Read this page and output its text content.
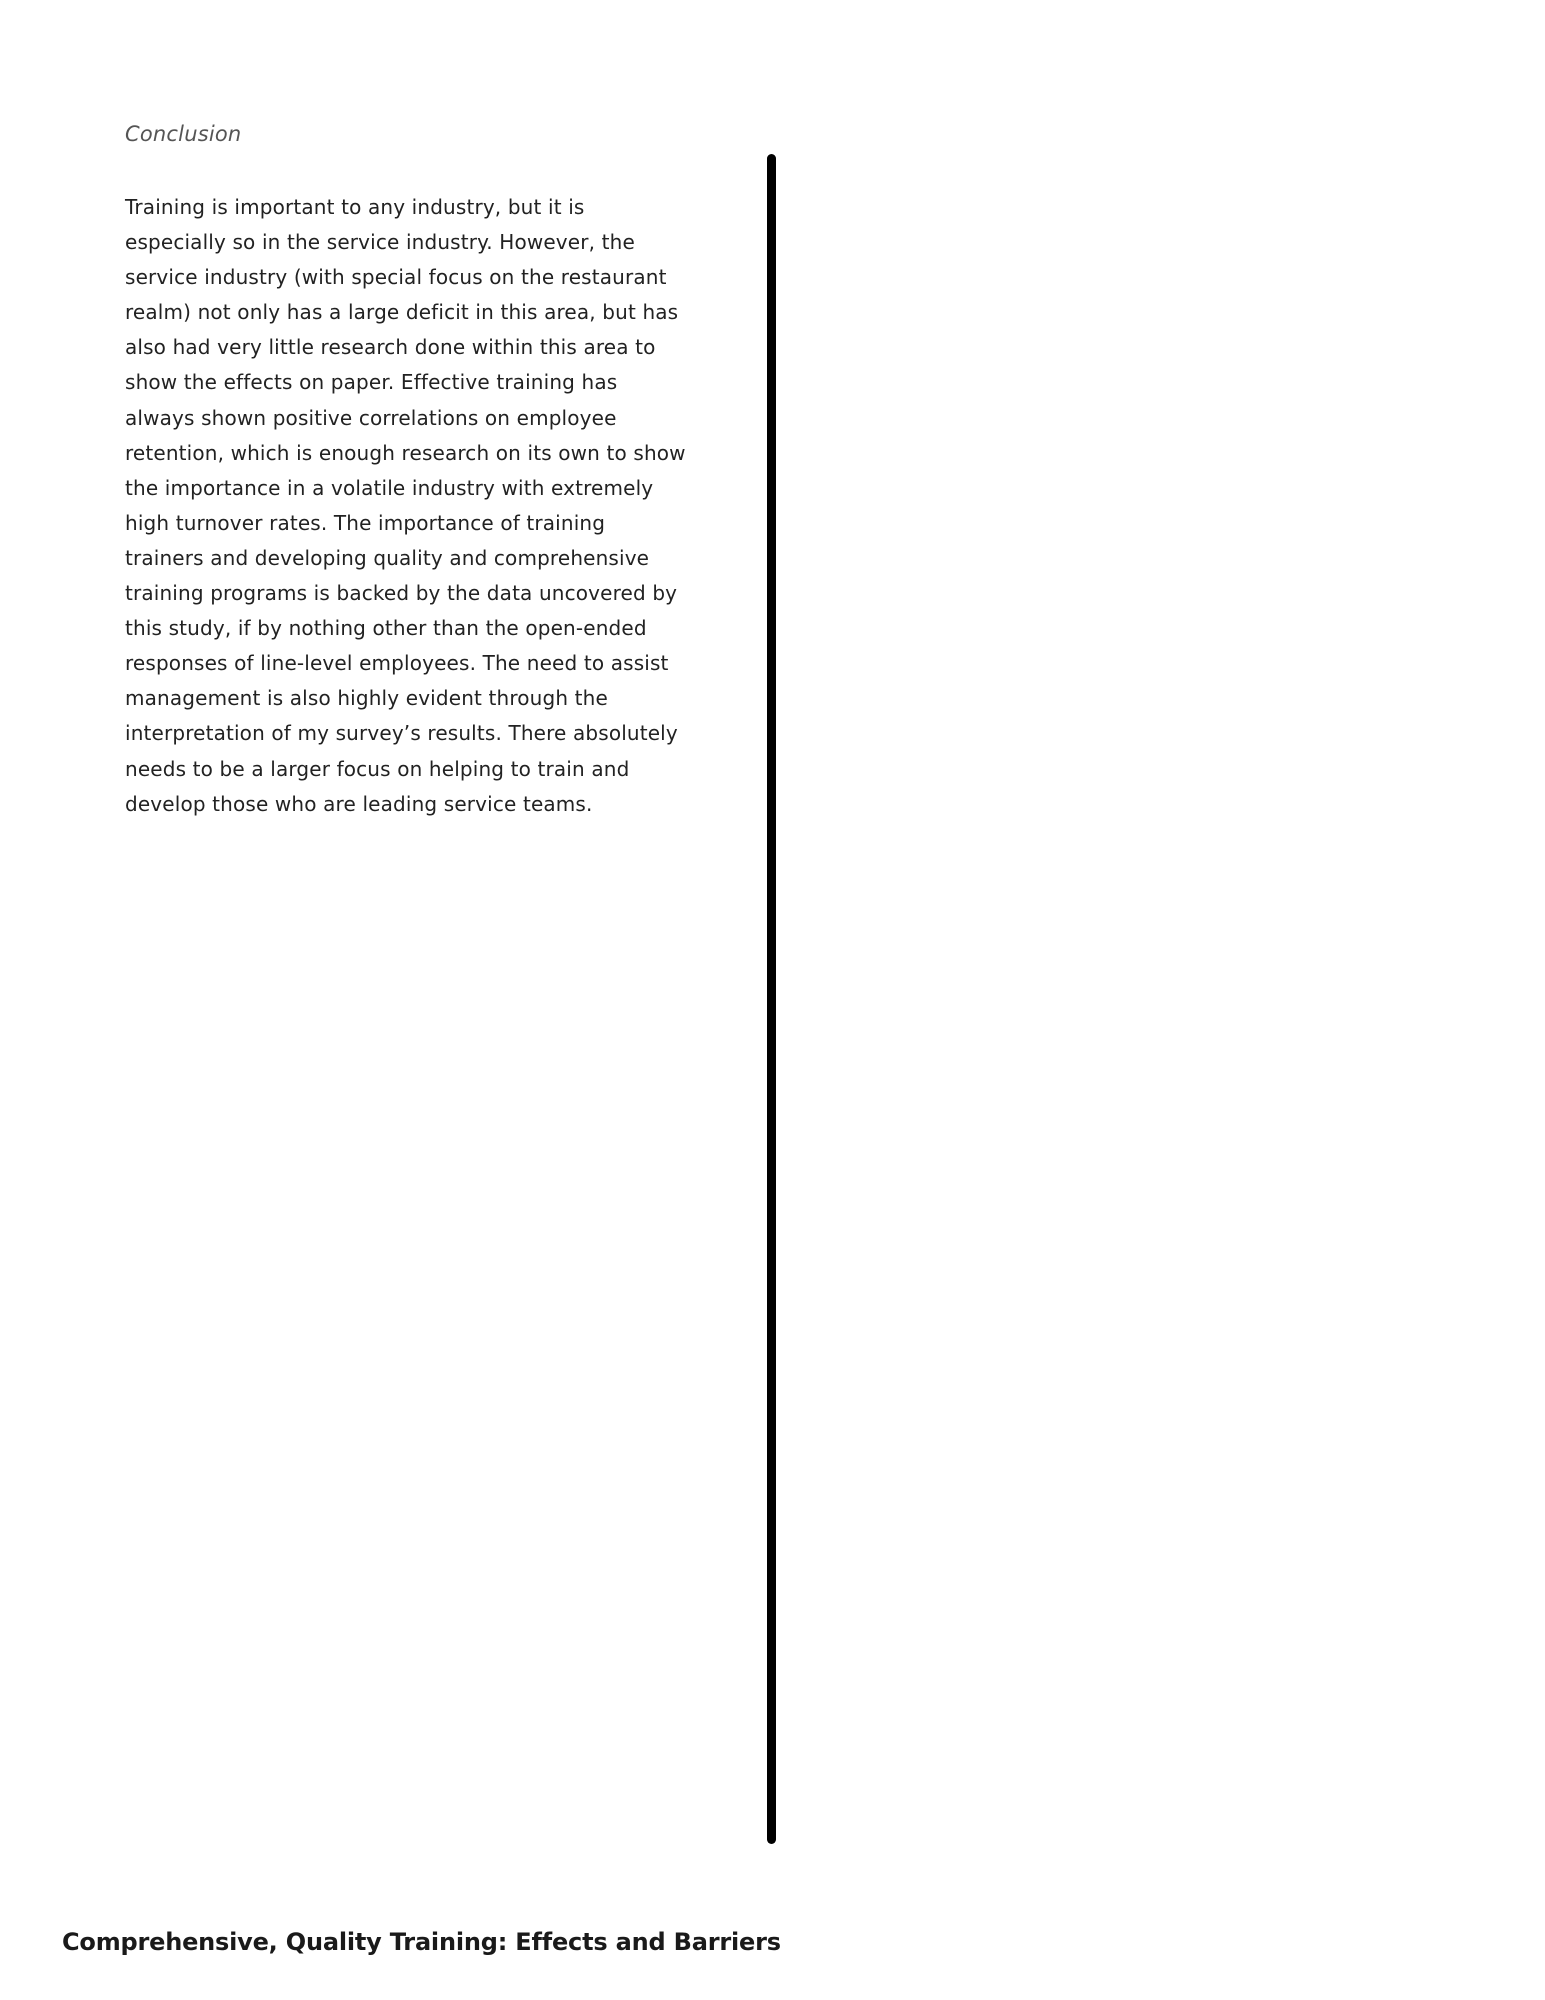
Conclusion

Training is important to any industry, but it is especially so in the service industry. However, the service industry (with special focus on the restaurant realm) not only has a large deficit in this area, but has also had very little research done within this area to show the effects on paper. Effective training has always shown positive correlations on employee retention, which is enough research on its own to show the importance in a volatile industry with extremely high turnover rates. The importance of training trainers and developing quality and comprehensive training programs is backed by the data uncovered by this study, if by nothing other than the open-ended responses of line-level employees. The need to assist management is also highly evident through the interpretation of my survey’s results. There absolutely needs to be a larger focus on helping to train and develop those who are leading service teams.

Comprehensive, Quality Training: Effects and Barriers
